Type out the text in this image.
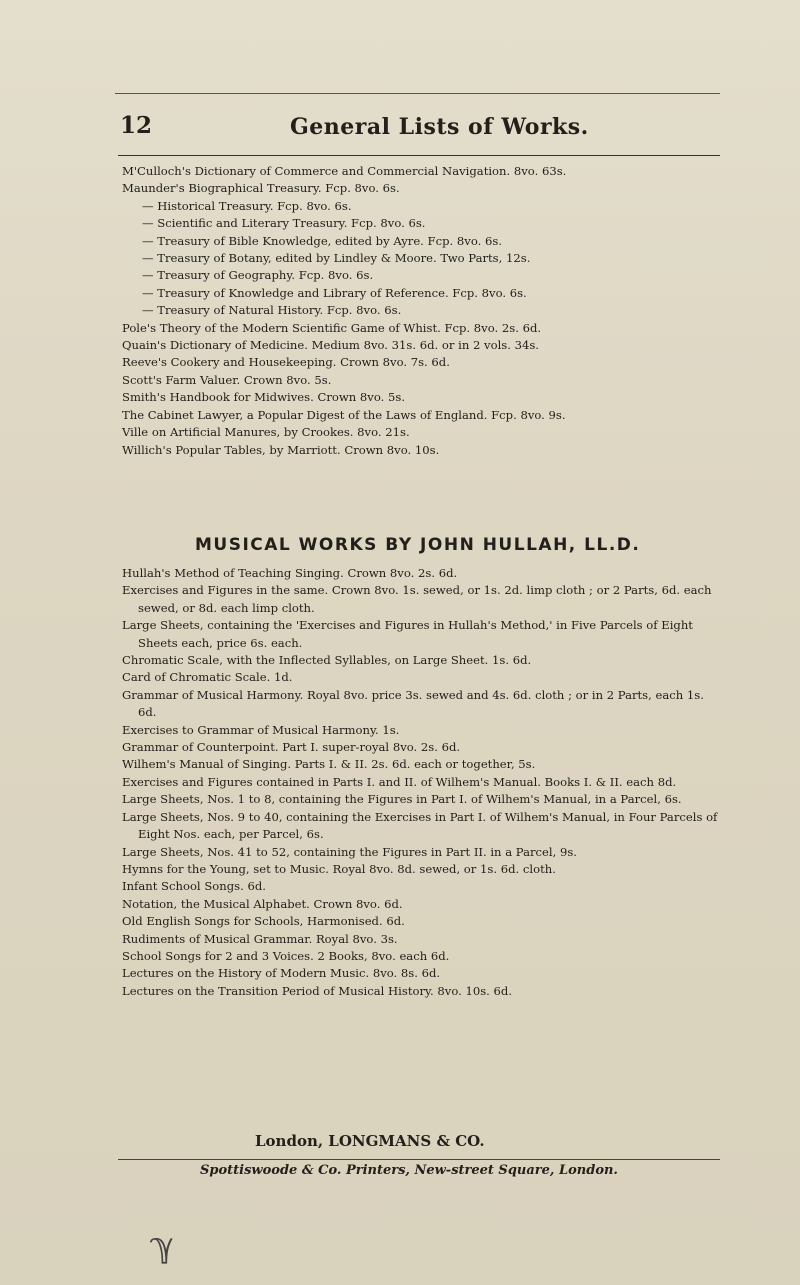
12	General Lists of Works.
M'Culloch's Dictionary of Commerce and Commercial Navigation. 8vo. 63s.
Maunder's Biographical Treasury. Fcp. 8vo. 6s.
— Historical Treasury. Fcp. 8vo. 6s.
— Scientific and Literary Treasury. Fcp. 8vo. 6s.
— Treasury of Bible Knowledge, edited by Ayre. Fcp. 8vo. 6s.
— Treasury of Botany, edited by Lindley & Moore. Two Parts, 12s.
— Treasury of Geography. Fcp. 8vo. 6s.
— Treasury of Knowledge and Library of Reference. Fcp. 8vo. 6s.
— Treasury of Natural History. Fcp. 8vo. 6s.
Pole's Theory of the Modern Scientific Game of Whist. Fcp. 8vo. 2s. 6d.
Quain's Dictionary of Medicine. Medium 8vo. 31s. 6d. or in 2 vols. 34s.
Reeve's Cookery and Housekeeping. Crown 8vo. 7s. 6d.
Scott's Farm Valuer. Crown 8vo. 5s.
Smith's Handbook for Midwives. Crown 8vo. 5s.
The Cabinet Lawyer, a Popular Digest of the Laws of England. Fcp. 8vo. 9s.
Ville on Artificial Manures, by Crookes. 8vo. 21s.
Willich's Popular Tables, by Marriott. Crown 8vo. 10s.
MUSICAL WORKS BY JOHN HULLAH, LL.D.
Hullah's Method of Teaching Singing. Crown 8vo. 2s. 6d.
Exercises and Figures in the same. Crown 8vo. 1s. sewed, or 1s. 2d. limp cloth ; or 2 Parts, 6d. each sewed, or 8d. each limp cloth.
Large Sheets, containing the 'Exercises and Figures in Hullah's Method,' in Five Parcels of Eight Sheets each, price 6s. each.
Chromatic Scale, with the Inflected Syllables, on Large Sheet. 1s. 6d.
Card of Chromatic Scale. 1d.
Grammar of Musical Harmony. Royal 8vo. price 3s. sewed and 4s. 6d. cloth ; or in 2 Parts, each 1s. 6d.
Exercises to Grammar of Musical Harmony. 1s.
Grammar of Counterpoint. Part I. super-royal 8vo. 2s. 6d.
Wilhem's Manual of Singing. Parts I. & II. 2s. 6d. each or together, 5s.
Exercises and Figures contained in Parts I. and II. of Wilhem's Manual. Books I. & II. each 8d.
Large Sheets, Nos. 1 to 8, containing the Figures in Part I. of Wilhem's Manual, in a Parcel, 6s.
Large Sheets, Nos. 9 to 40, containing the Exercises in Part I. of Wilhem's Manual, in Four Parcels of Eight Nos. each, per Parcel, 6s.
Large Sheets, Nos. 41 to 52, containing the Figures in Part II. in a Parcel, 9s.
Hymns for the Young, set to Music. Royal 8vo. 8d. sewed, or 1s. 6d. cloth.
Infant School Songs. 6d.
Notation, the Musical Alphabet. Crown 8vo. 6d.
Old English Songs for Schools, Harmonised. 6d.
Rudiments of Musical Grammar. Royal 8vo. 3s.
School Songs for 2 and 3 Voices. 2 Books, 8vo. each 6d.
Lectures on the History of Modern Music. 8vo. 8s. 6d.
Lectures on the Transition Period of Musical History. 8vo. 10s. 6d.
London, LONGMANS & CO.
Spottiswoode & Co. Printers, New-street Square, London.
ℽ
